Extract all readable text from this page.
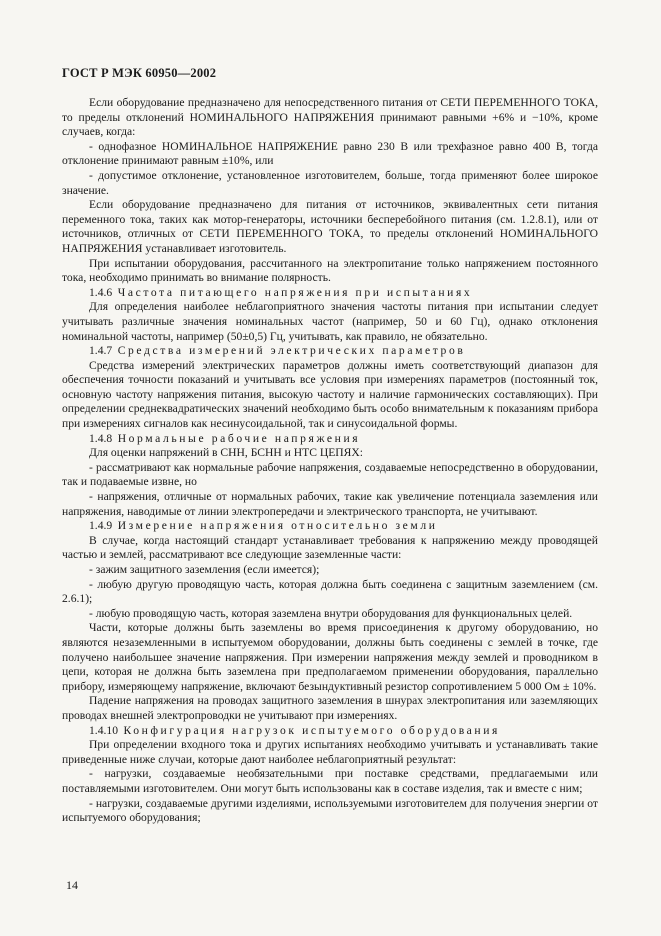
ГОСТ Р МЭК 60950—2002

Если оборудование предназначено для непосредственного питания от СЕТИ ПЕРЕМЕННОГО ТОКА, то пределы отклонений НОМИНАЛЬНОГО НАПРЯЖЕНИЯ принимают равными +6% и −10%, кроме случаев, когда:

- однофазное НОМИНАЛЬНОЕ НАПРЯЖЕНИЕ равно 230 В или трехфазное равно 400 В, тогда отклонение принимают равным ±10%, или

- допустимое отклонение, установленное изготовителем, больше, тогда применяют более широкое значение.

Если оборудование предназначено для питания от источников, эквивалентных сети питания переменного тока, таких как мотор-генераторы, источники бесперебойного питания (см. 1.2.8.1), или от источников, отличных от СЕТИ ПЕРЕМЕННОГО ТОКА, то пределы отклонений НОМИНАЛЬНОГО НАПРЯЖЕНИЯ устанавливает изготовитель.

При испытании оборудования, рассчитанного на электропитание только напряжением постоянного тока, необходимо принимать во внимание полярность.

1.4.6 Частота питающего напряжения при испытаниях

Для определения наиболее неблагоприятного значения частоты питания при испытании следует учитывать различные значения номинальных частот (например, 50 и 60 Гц), однако отклонения номинальной частоты, например (50±0,5) Гц, учитывать, как правило, не обязательно.

1.4.7 Средства измерений электрических параметров

Средства измерений электрических параметров должны иметь соответствующий диапазон для обеспечения точности показаний и учитывать все условия при измерениях параметров (постоянный ток, основную частоту напряжения питания, высокую частоту и наличие гармонических составляющих). При определении среднеквадратических значений необходимо быть особо внимательным к показаниям прибора при измерениях сигналов как несинусоидальной, так и синусоидальной формы.

1.4.8 Нормальные рабочие напряжения

Для оценки напряжений в СНН, БСНН и НТС ЦЕПЯХ:

- рассматривают как нормальные рабочие напряжения, создаваемые непосредственно в оборудовании, так и подаваемые извне, но

- напряжения, отличные от нормальных рабочих, такие как увеличение потенциала заземления или напряжения, наводимые от линии электропередачи и электрического транспорта, не учитывают.

1.4.9 Измерение напряжения относительно земли

В случае, когда настоящий стандарт устанавливает требования к напряжению между проводящей частью и землей, рассматривают все следующие заземленные части:

- зажим защитного заземления (если имеется);

- любую другую проводящую часть, которая должна быть соединена с защитным заземлением (см. 2.6.1);

- любую проводящую часть, которая заземлена внутри оборудования для функциональных целей.

Части, которые должны быть заземлены во время присоединения к другому оборудованию, но являются незаземленными в испытуемом оборудовании, должны быть соединены с землей в точке, где получено наибольшее значение напряжения. При измерении напряжения между землей и проводником в цепи, которая не должна быть заземлена при предполагаемом применении оборудования, параллельно прибору, измеряющему напряжение, включают безындуктивный резистор сопротивлением 5 000 Ом ± 10%.

Падение напряжения на проводах защитного заземления в шнурах электропитания или заземляющих проводах внешней электропроводки не учитывают при измерениях.

1.4.10 Конфигурация нагрузок испытуемого оборудования

При определении входного тока и других испытаниях необходимо учитывать и устанавливать такие приведенные ниже случаи, которые дают наиболее неблагоприятный результат:

- нагрузки, создаваемые необязательными при поставке средствами, предлагаемыми или поставляемыми изготовителем. Они могут быть использованы как в составе изделия, так и вместе с ним;

- нагрузки, создаваемые другими изделиями, используемыми изготовителем для получения энергии от испытуемого оборудования;

14
